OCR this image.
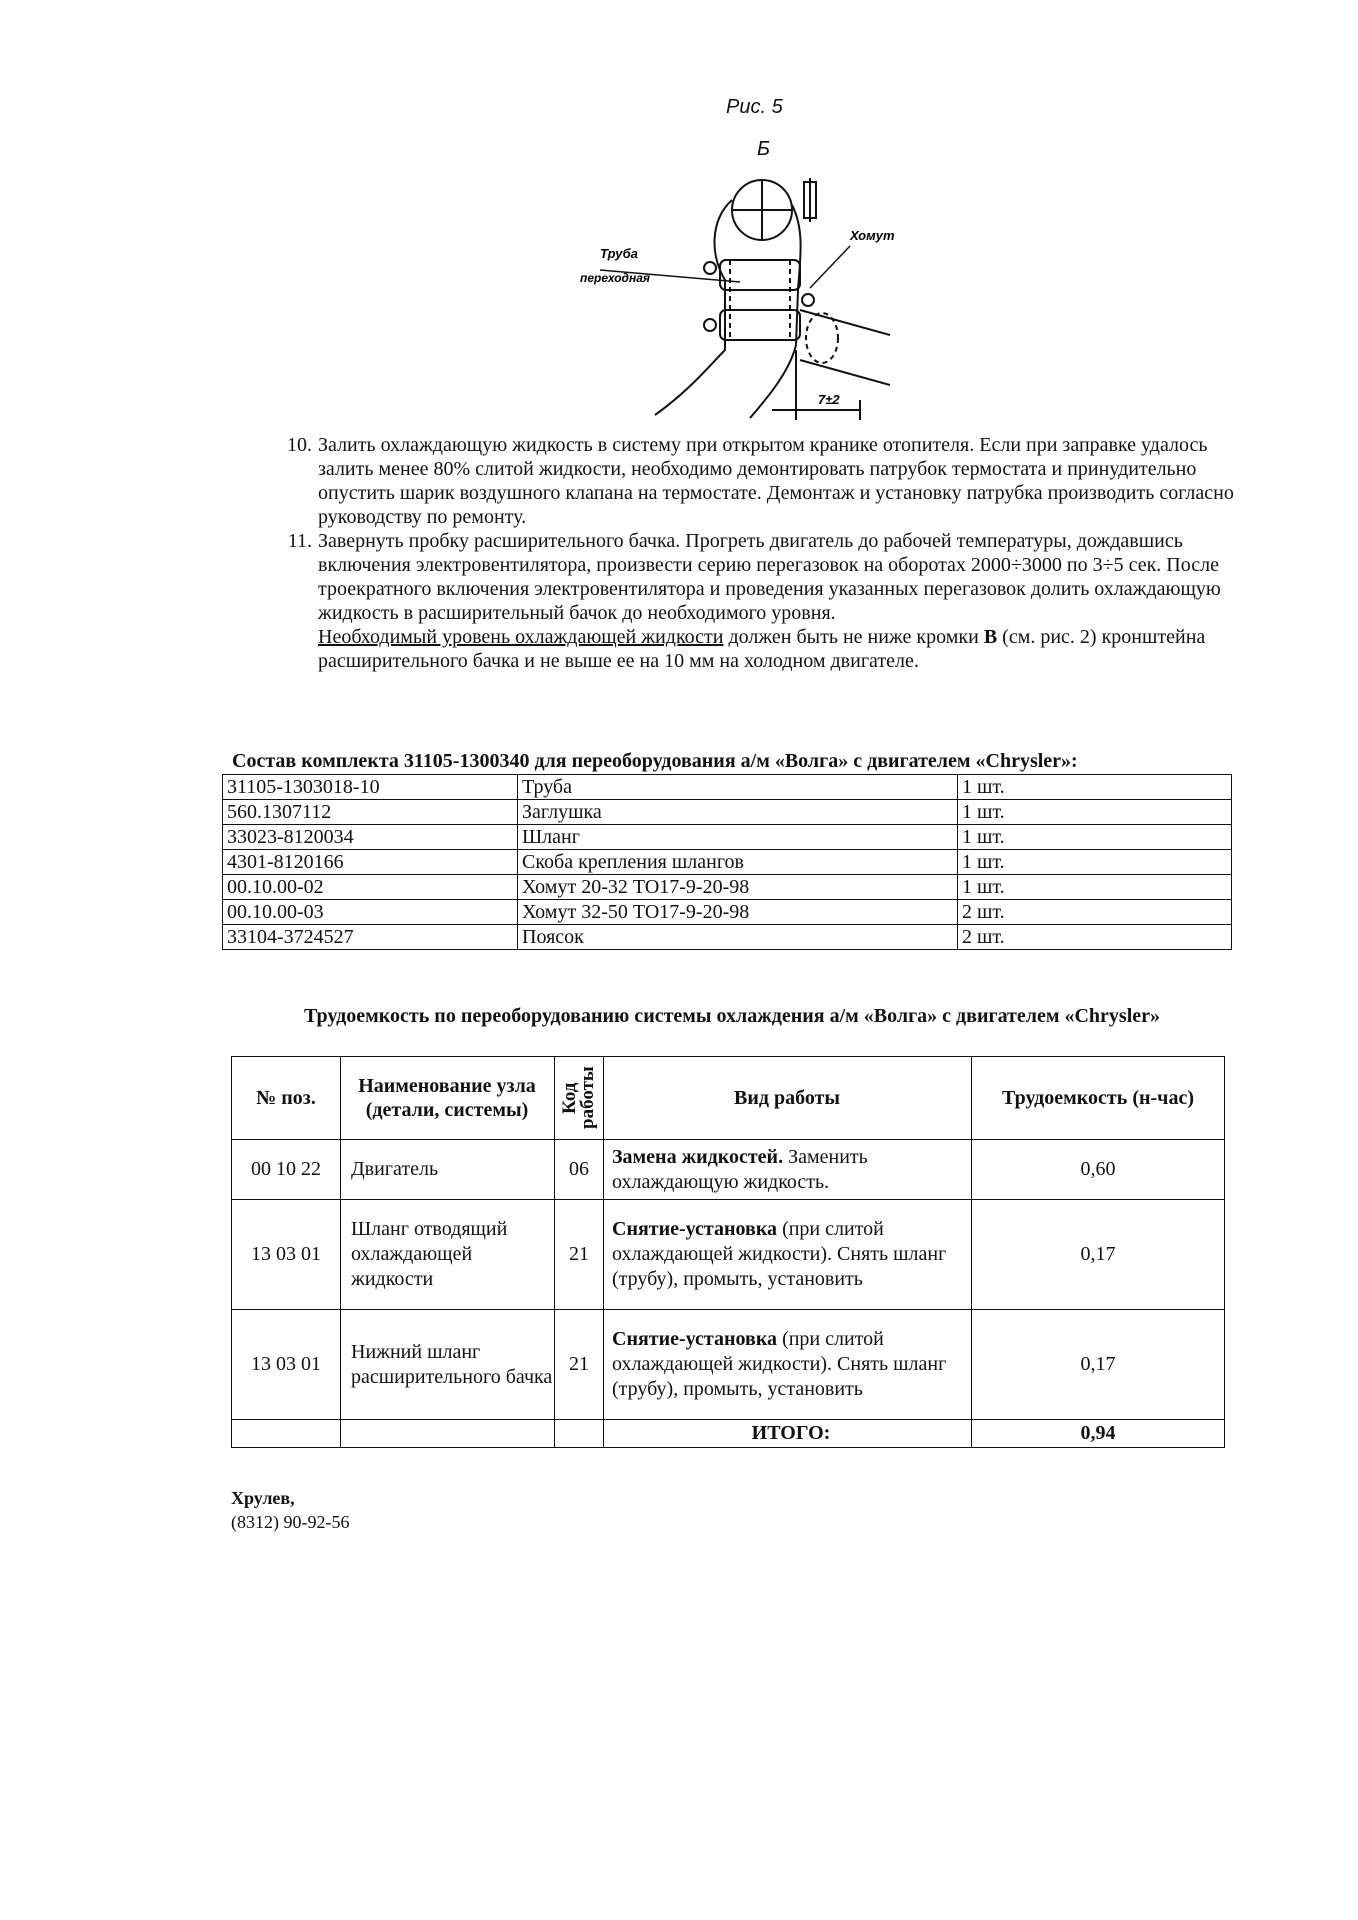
Рис. 5
Б
Труба
переходная
Хомут
7±2
10. Залить охлаждающую жидкость в систему при открытом кранике отопителя. Если при заправке удалось залить менее 80% слитой жидкости, необходимо демонтировать патрубок термостата и принудительно опустить шарик воздушного клапана на термостате. Демонтаж и установку патрубка производить согласно руководству по ремонту.

11. Завернуть пробку расширительного бачка. Прогреть двигатель до рабочей температуры, дождавшись включения электровентилятора, произвести серию перегазовок на оборотах 2000÷3000 по 3÷5 сек. После троекратного включения электровентилятора и проведения указанных перегазовок долить охлаждающую жидкость в расширительный бачок до необходимого уровня.

Необходимый уровень охлаждающей жидкости должен быть не ниже кромки В (см. рис. 2) кронштейна расширительного бачка и не выше ее на 10 мм на холодном двигателе.

Состав комплекта 31105-1300340 для переоборудования а/м «Волга» с двигателем «Chrysler»:
31105-1303018-10	Труба	1 шт.
560.1307112	Заглушка	1 шт.
33023-8120034	Шланг	1 шт.
4301-8120166	Скоба крепления шлангов	1 шт.
00.10.00-02	Хомут 20-32 ТО17-9-20-98	1 шт.
00.10.00-03	Хомут 32-50 ТО17-9-20-98	2 шт.
33104-3724527	Поясок	2 шт.
Трудоемкость по переоборудованию системы охлаждения а/м «Волга» с двигателем «Chrysler»
№ поз.	Наименование узла (детали, системы)	Код работы	Вид работы	Трудоемкость (н-час)
00 10 22	Двигатель	06	Замена жидкостей. Заменить охлаждающую жидкость.	0,60
13 03 01	Шланг отводящий охлаждающей жидкости	21	Снятие-установка (при слитой охлаждающей жидкости). Снять шланг (трубу), промыть, установить	0,17
13 03 01	Нижний шланг расширительного бачка	21	Снятие-установка (при слитой охлаждающей жидкости). Снять шланг (трубу), промыть, установить	0,17
			ИТОГО:	0,94
Хрулев,
(8312) 90-92-56
